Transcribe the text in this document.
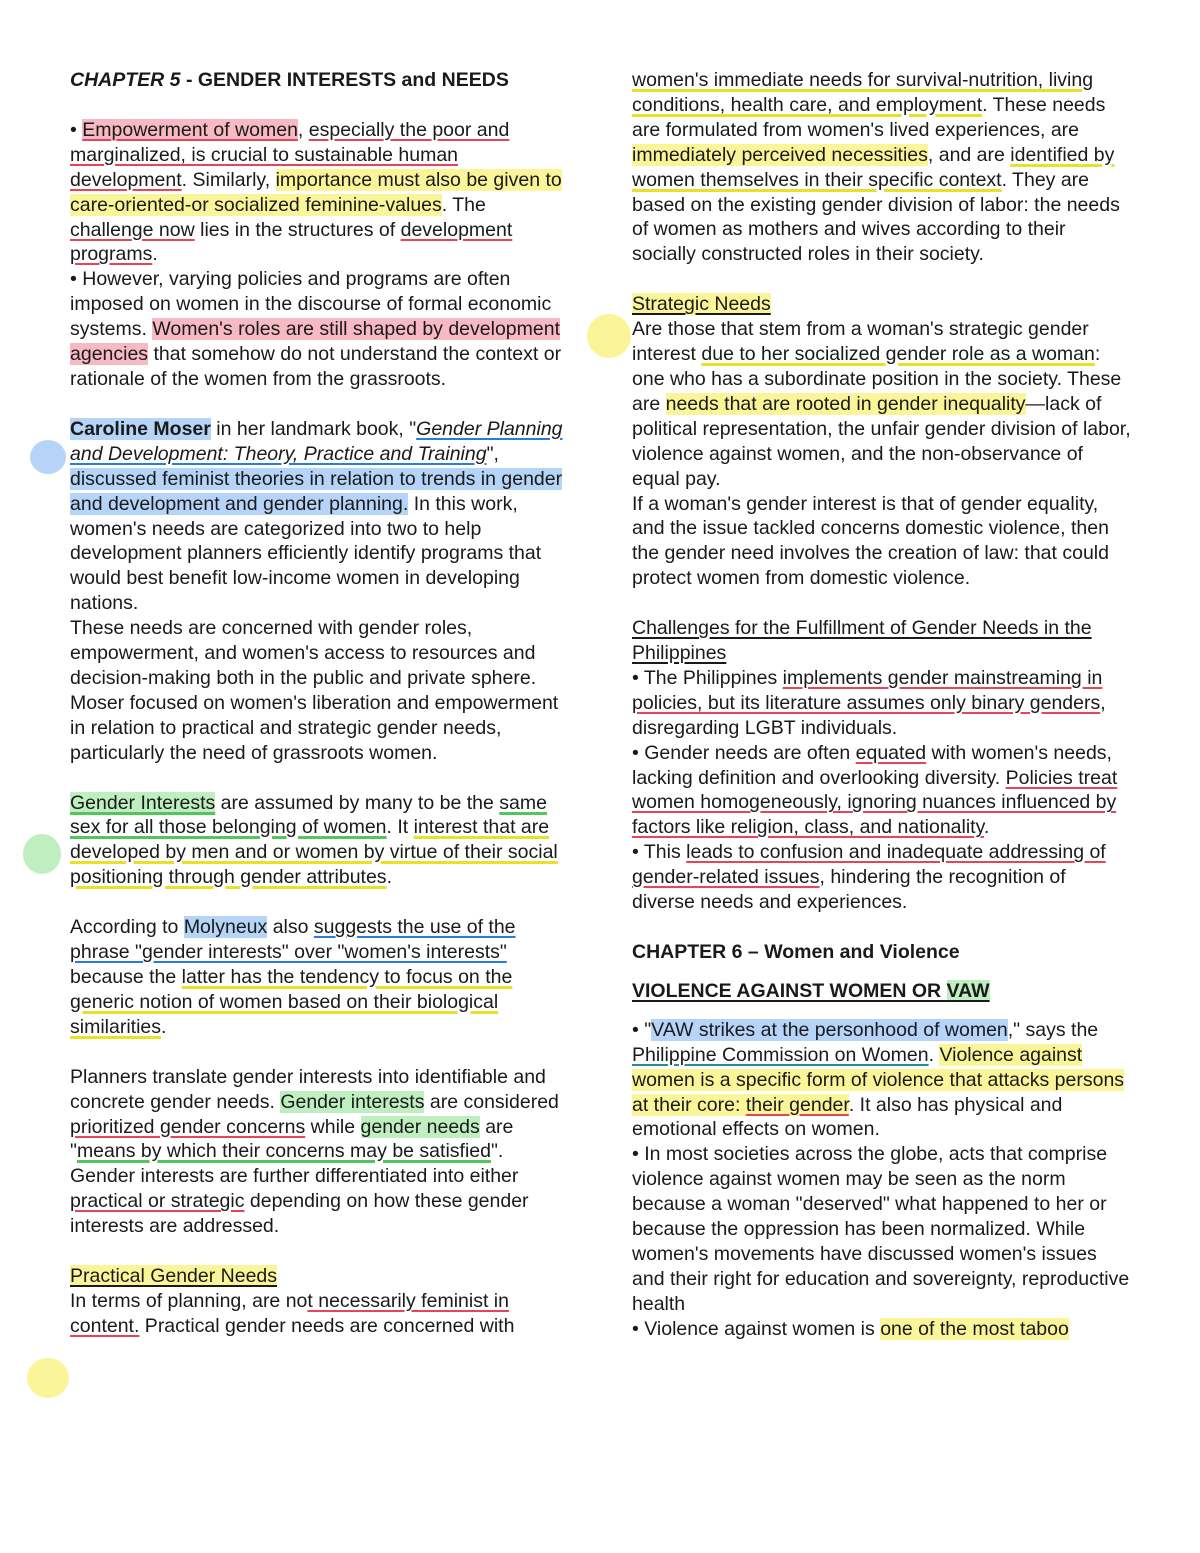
CHAPTER 5 - GENDER INTERESTS and NEEDS

• Empowerment of women, especially the poor and marginalized, is crucial to sustainable human development. Similarly, importance must also be given to care-oriented-or socialized feminine-values. The challenge now lies in the structures of development programs.

• However, varying policies and programs are often imposed on women in the discourse of formal economic systems. Women's roles are still shaped by development agencies that somehow do not understand the context or rationale of the women from the grassroots.

Caroline Moser in her landmark book, "Gender Planning and Development: Theory, Practice and Training", discussed feminist theories in relation to trends in gender and development and gender planning. In this work, women's needs are categorized into two to help development planners efficiently identify programs that would best benefit low-income women in developing nations.

These needs are concerned with gender roles, empowerment, and women's access to resources and decision-making both in the public and private sphere. Moser focused on women's liberation and empowerment in relation to practical and strategic gender needs, particularly the need of grassroots women.

Gender Interests are assumed by many to be the same sex for all those belonging of women. It interest that are developed by men and or women by virtue of their social positioning through gender attributes.

According to Molyneux also suggests the use of the phrase "gender interests" over "women's interests" because the latter has the tendency to focus on the generic notion of women based on their biological similarities.

Planners translate gender interests into identifiable and concrete gender needs. Gender interests are considered prioritized gender concerns while gender needs are "means by which their concerns may be satisfied". Gender interests are further differentiated into either practical or strategic depending on how these gender interests are addressed.

Practical Gender Needs

In terms of planning, are not necessarily feminist in content. Practical gender needs are concerned with

women's immediate needs for survival-nutrition, living conditions, health care, and employment. These needs are formulated from women's lived experiences, are immediately perceived necessities, and are identified by women themselves in their specific context. They are based on the existing gender division of labor: the needs of women as mothers and wives according to their socially constructed roles in their society.

Strategic Needs

Are those that stem from a woman's strategic gender interest due to her socialized gender role as a woman: one who has a subordinate position in the society. These are needs that are rooted in gender inequality—lack of political representation, the unfair gender division of labor, violence against women, and the non-observance of equal pay.

If a woman's gender interest is that of gender equality, and the issue tackled concerns domestic violence, then the gender need involves the creation of law: that could protect women from domestic violence.

Challenges for the Fulfillment of Gender Needs in the Philippines

• The Philippines implements gender mainstreaming in policies, but its literature assumes only binary genders, disregarding LGBT individuals.

• Gender needs are often equated with women's needs, lacking definition and overlooking diversity. Policies treat women homogeneously, ignoring nuances influenced by factors like religion, class, and nationality.

• This leads to confusion and inadequate addressing of gender-related issues, hindering the recognition of diverse needs and experiences.

CHAPTER 6 – Women and Violence

VIOLENCE AGAINST WOMEN OR VAW

• "VAW strikes at the personhood of women," says the Philippine Commission on Women. Violence against women is a specific form of violence that attacks persons at their core: their gender. It also has physical and emotional effects on women.

• In most societies across the globe, acts that comprise violence against women may be seen as the norm because a woman "deserved" what happened to her or because the oppression has been normalized. While women's movements have discussed women's issues and their right for education and sovereignty, reproductive health

• Violence against women is one of the most taboo
